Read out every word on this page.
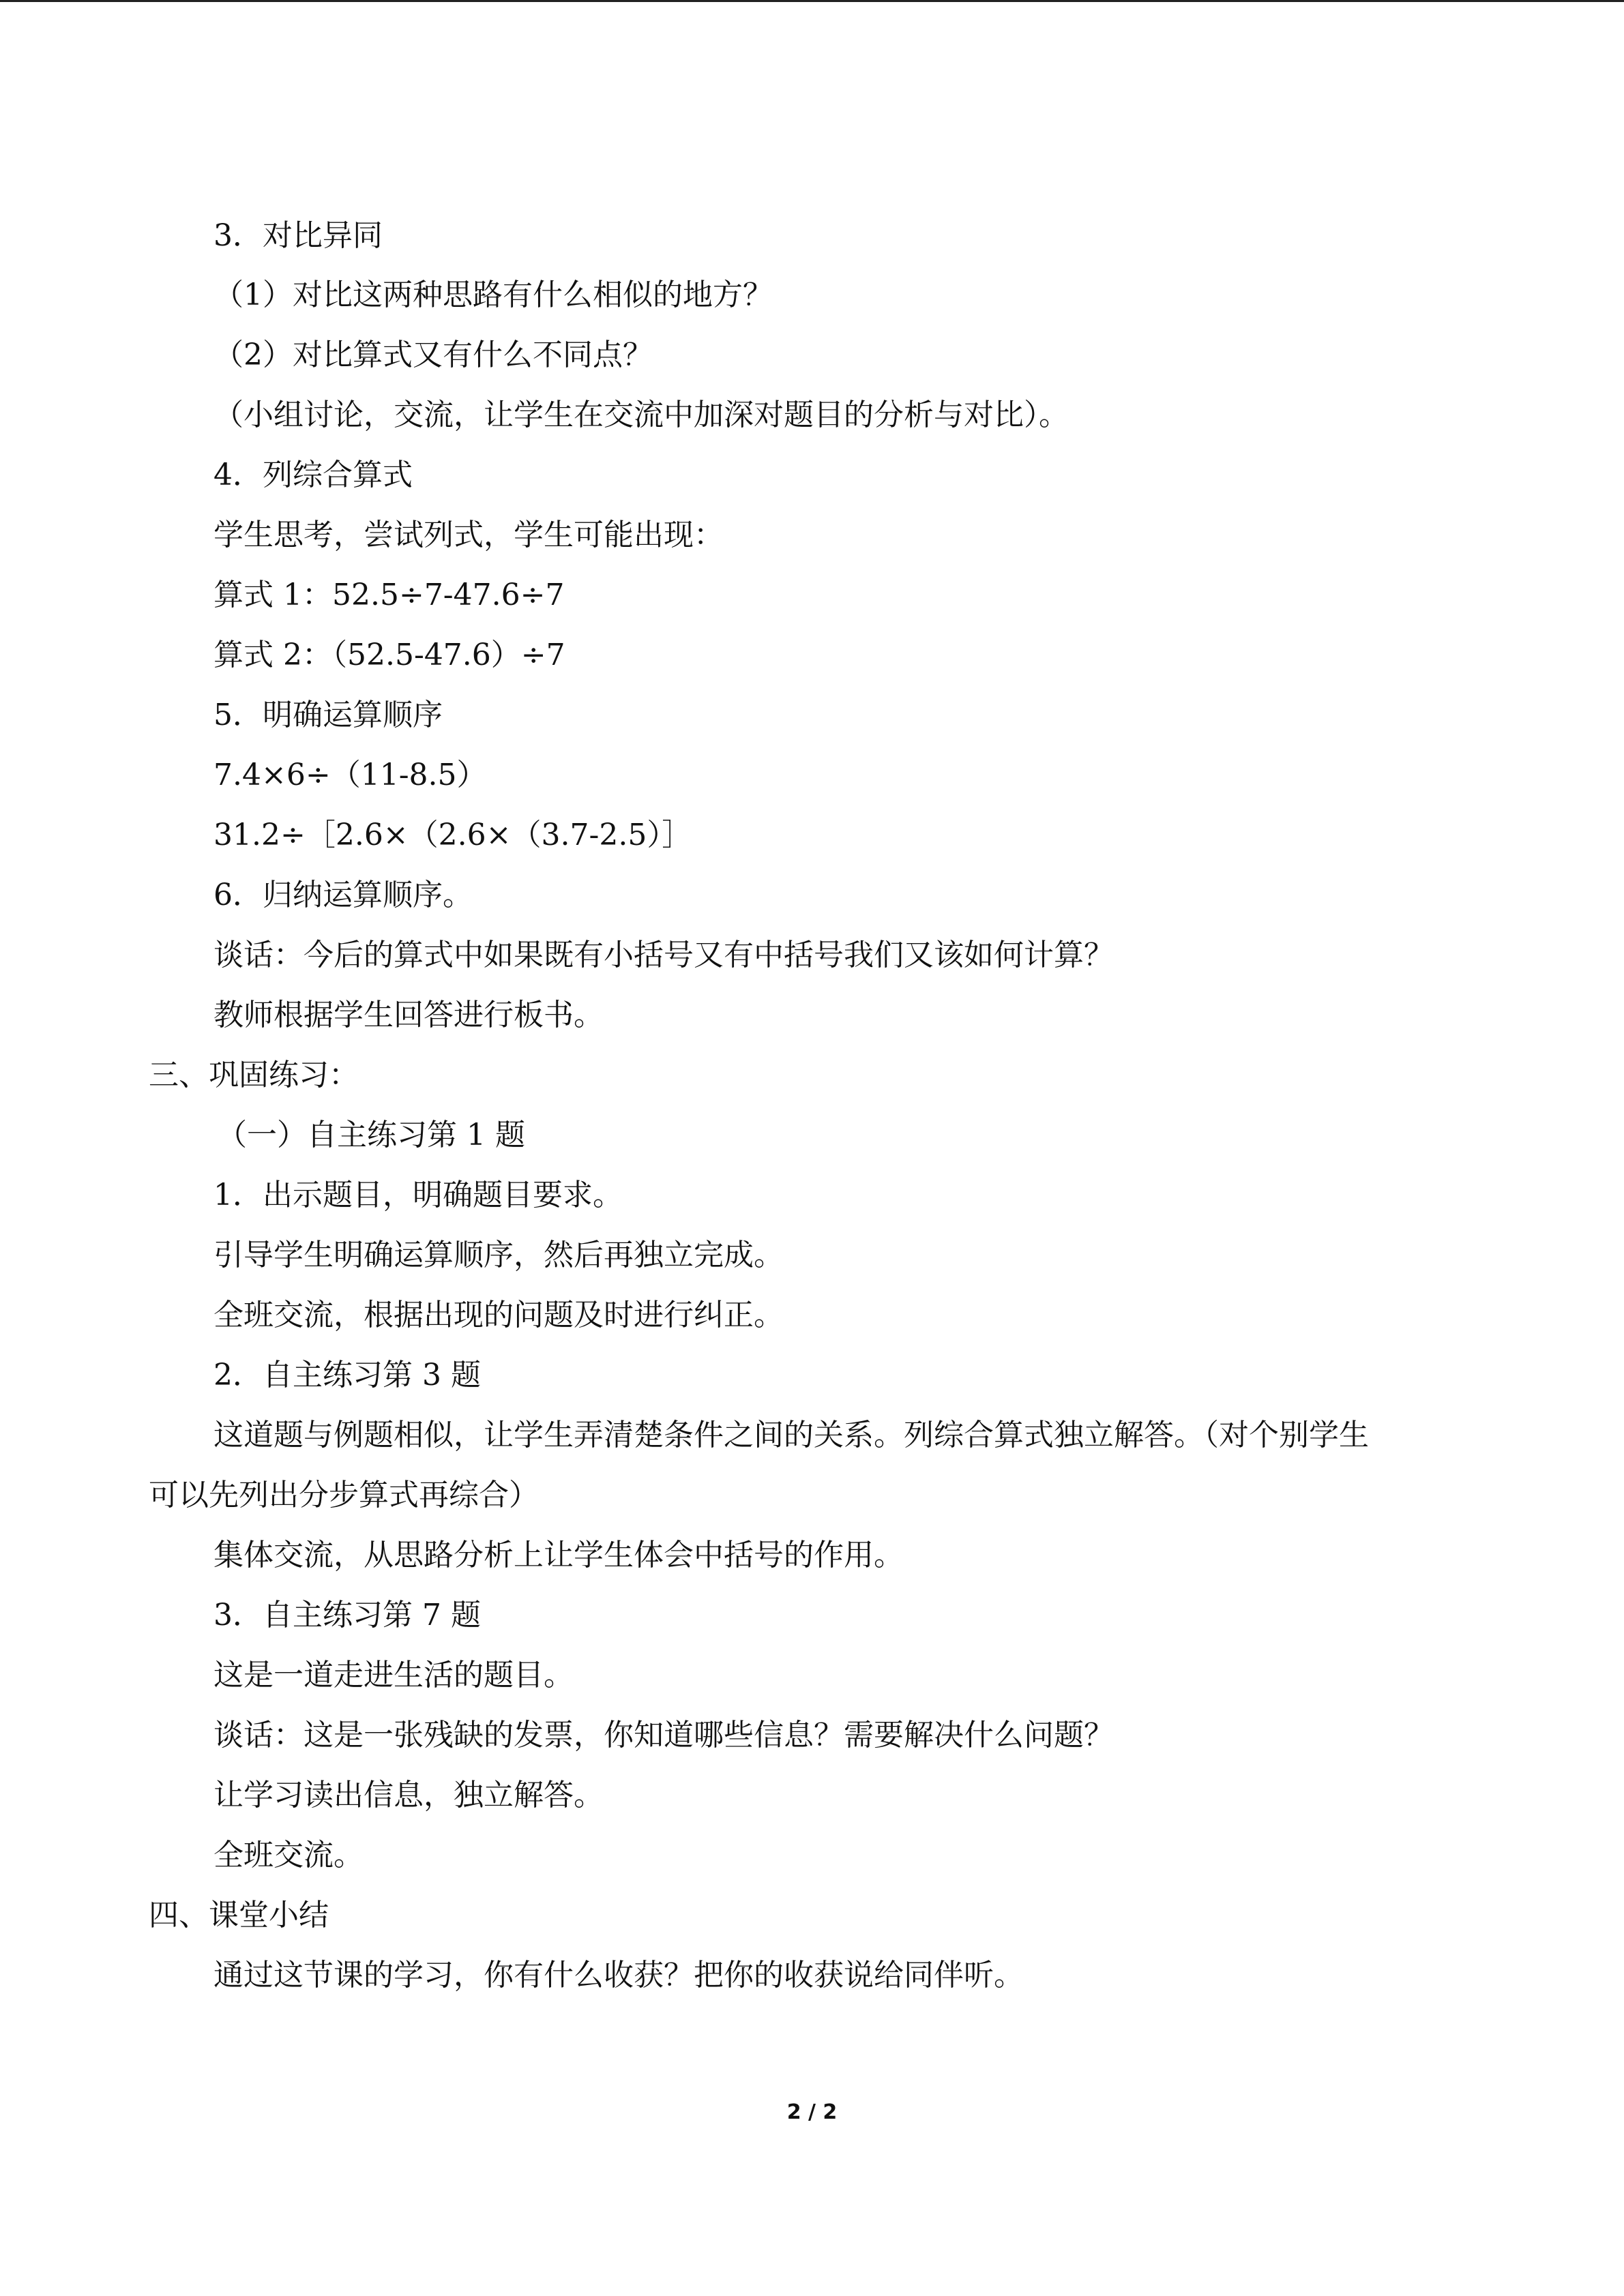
3．对比异同
（1）对比这两种思路有什么相似的地方？
（2）对比算式又有什么不同点？
（小组讨论，交流，让学生在交流中加深对题目的分析与对比）。
4．列综合算式
学生思考，尝试列式，学生可能出现：
算式 1：52.5÷7-47.6÷7
算式 2：（52.5-47.6）÷7
5．明确运算顺序
7.4×6÷（11-8.5）
31.2÷［2.6×（2.6×（3.7-2.5）］
6．归纳运算顺序。
谈话：今后的算式中如果既有小括号又有中括号我们又该如何计算？
教师根据学生回答进行板书。
三、巩固练习：
（一）自主练习第 1 题
1．出示题目，明确题目要求。
引导学生明确运算顺序，然后再独立完成。
全班交流，根据出现的问题及时进行纠正。
2．自主练习第 3 题
这道题与例题相似，让学生弄清楚条件之间的关系。列综合算式独立解答。（对个别学生
可以先列出分步算式再综合）
集体交流，从思路分析上让学生体会中括号的作用。
3．自主练习第 7 题
这是一道走进生活的题目。
谈话：这是一张残缺的发票，你知道哪些信息？需要解决什么问题？
让学习读出信息，独立解答。
全班交流。
四、课堂小结
通过这节课的学习，你有什么收获？把你的收获说给同伴听。
2 / 2
